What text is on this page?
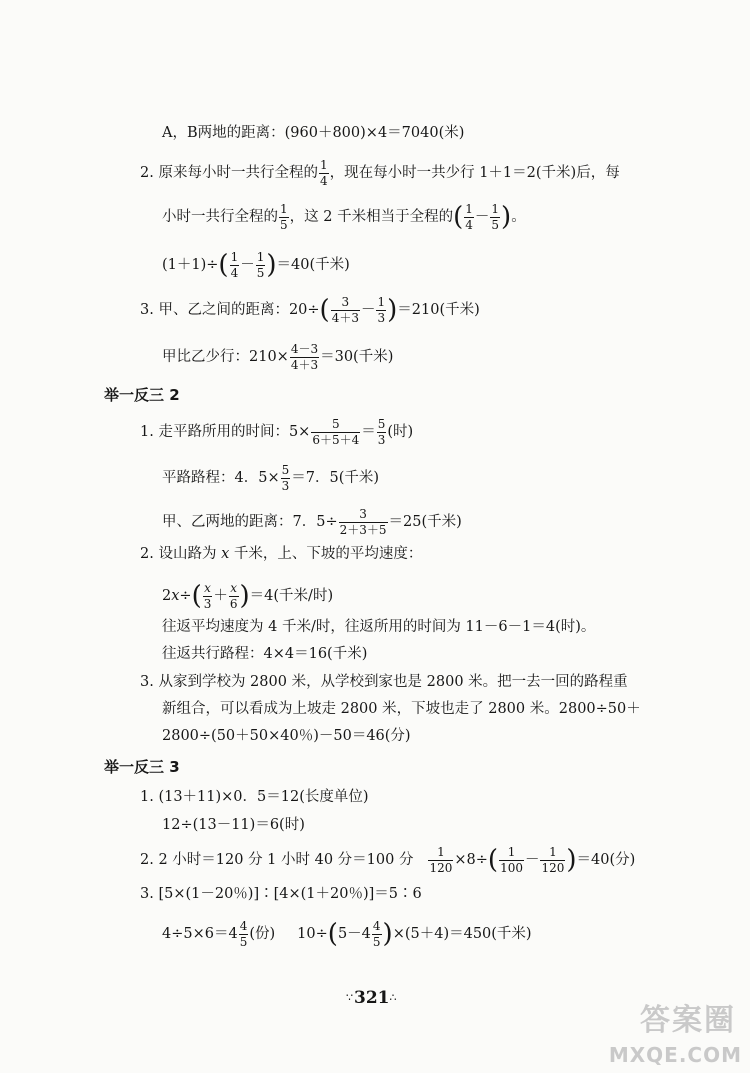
A，B两地的距离：(960＋800)×4＝7040(米)
2. 原来每小时一共行全程的 $\frac{1}{4}$ ，现在每小时一共少行 1＋1＝2(千米)后，每
小时一共行全程的 $\frac{1}{5}$ ，这 2 千米相当于全程的( $\frac{1}{4} - \frac{1}{5}$ )。
$(1+1)\div( \frac{1}{4} - \frac{1}{5} )=40$(千米)
3. 甲、乙之间的距离：$20\div( \frac{3}{4+3} - \frac{1}{3} )=210$(千米)
甲比乙少行：$210\times \frac{4-3}{4+3} =30$(千米)
举一反三 2
1. 走平路所用的时间：$5\times \frac{5}{6+5+4} = \frac{5}{3}$ (时)
平路路程：4．$5\times \frac{5}{3} =7$．5(千米)
甲、乙两地的距离：7．$5\div \frac{3}{2+3+5} =25$(千米)
2. 设山路为 x 千米，上、下坡的平均速度：
$2x\div( \frac{x}{3} + \frac{x}{6} )=4$(千米/时)
往返平均速度为 4 千米/时，往返所用的时间为 11－6－1＝4(时)。
往返共行路程：4×4＝16(千米)
3. 从家到学校为 2800 米，从学校到家也是 2800 米。把一去一回的路程重
新组合，可以看成为上坡走 2800 米，下坡也走了 2800 米。2800÷50＋
2800÷(50＋50×40％)－50＝46(分)
举一反三 3
1. (13＋11)×0．5＝12(长度单位)
12÷(13－11)＝6(时)
2. 2 小时＝120 分 1 小时 40 分＝100 分 $\frac{1}{120} \times 8\div( \frac{1}{100} - \frac{1}{120} )=40$(分)
3. [5×(1－20％)]∶[4×(1＋20％)]＝5∶6
$4\div 5\times 6=4 \frac{4}{5}$ (份) $10\div(5-4 \frac{4}{5} )\times(5+4)=450$(千米)
∵321∴
答案圈
MXQE.COM
